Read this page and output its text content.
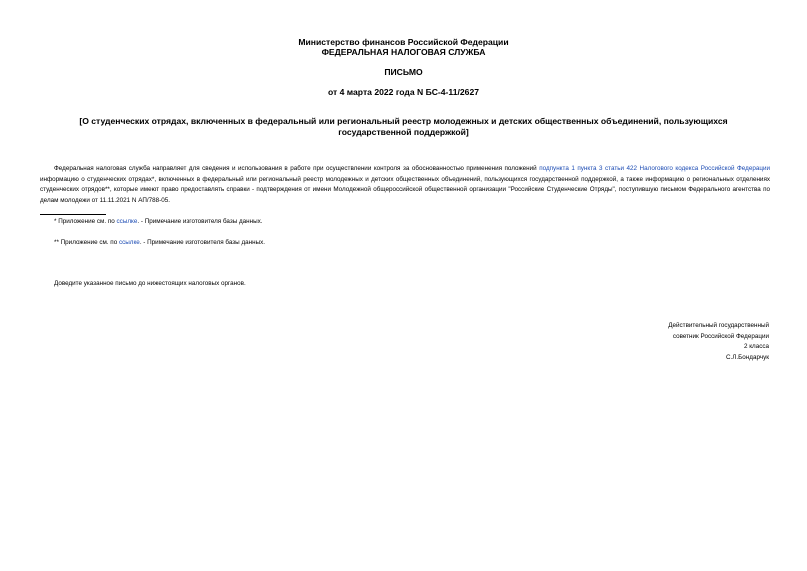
Министерство финансов Российской Федерации
ФЕДЕРАЛЬНАЯ НАЛОГОВАЯ СЛУЖБА
ПИСЬМО
от 4 марта 2022 года N БС-4-11/2627
[О студенческих отрядах, включенных в федеральный или региональный реестр молодежных и детских общественных объединений, пользующихся государственной поддержкой]
Федеральная налоговая служба направляет для сведения и использования в работе при осуществлении контроля за обоснованностью применения положений подпункта 1 пункта 3 статьи 422 Налогового кодекса Российской Федерации информацию о студенческих отрядах*, включенных в федеральный или региональный реестр молодежных и детских общественных объединений, пользующихся государственной поддержкой, а также информацию о региональных отделениях студенческих отрядов**, которые имеют право предоставлять справки - подтверждения от имени Молодежной общероссийской общественной организации "Российские Студенческие Отряды", поступившую письмом Федерального агентства по делам молодежи от 11.11.2021 N АП/788-05.
* Приложение см. по ссылке. - Примечание изготовителя базы данных.
** Приложение см. по ссылке. - Примечание изготовителя базы данных.
Доведите указанное письмо до нижестоящих налоговых органов.
Действительный государственный
советник Российской Федерации
2 класса
С.Л.Бондарчук
